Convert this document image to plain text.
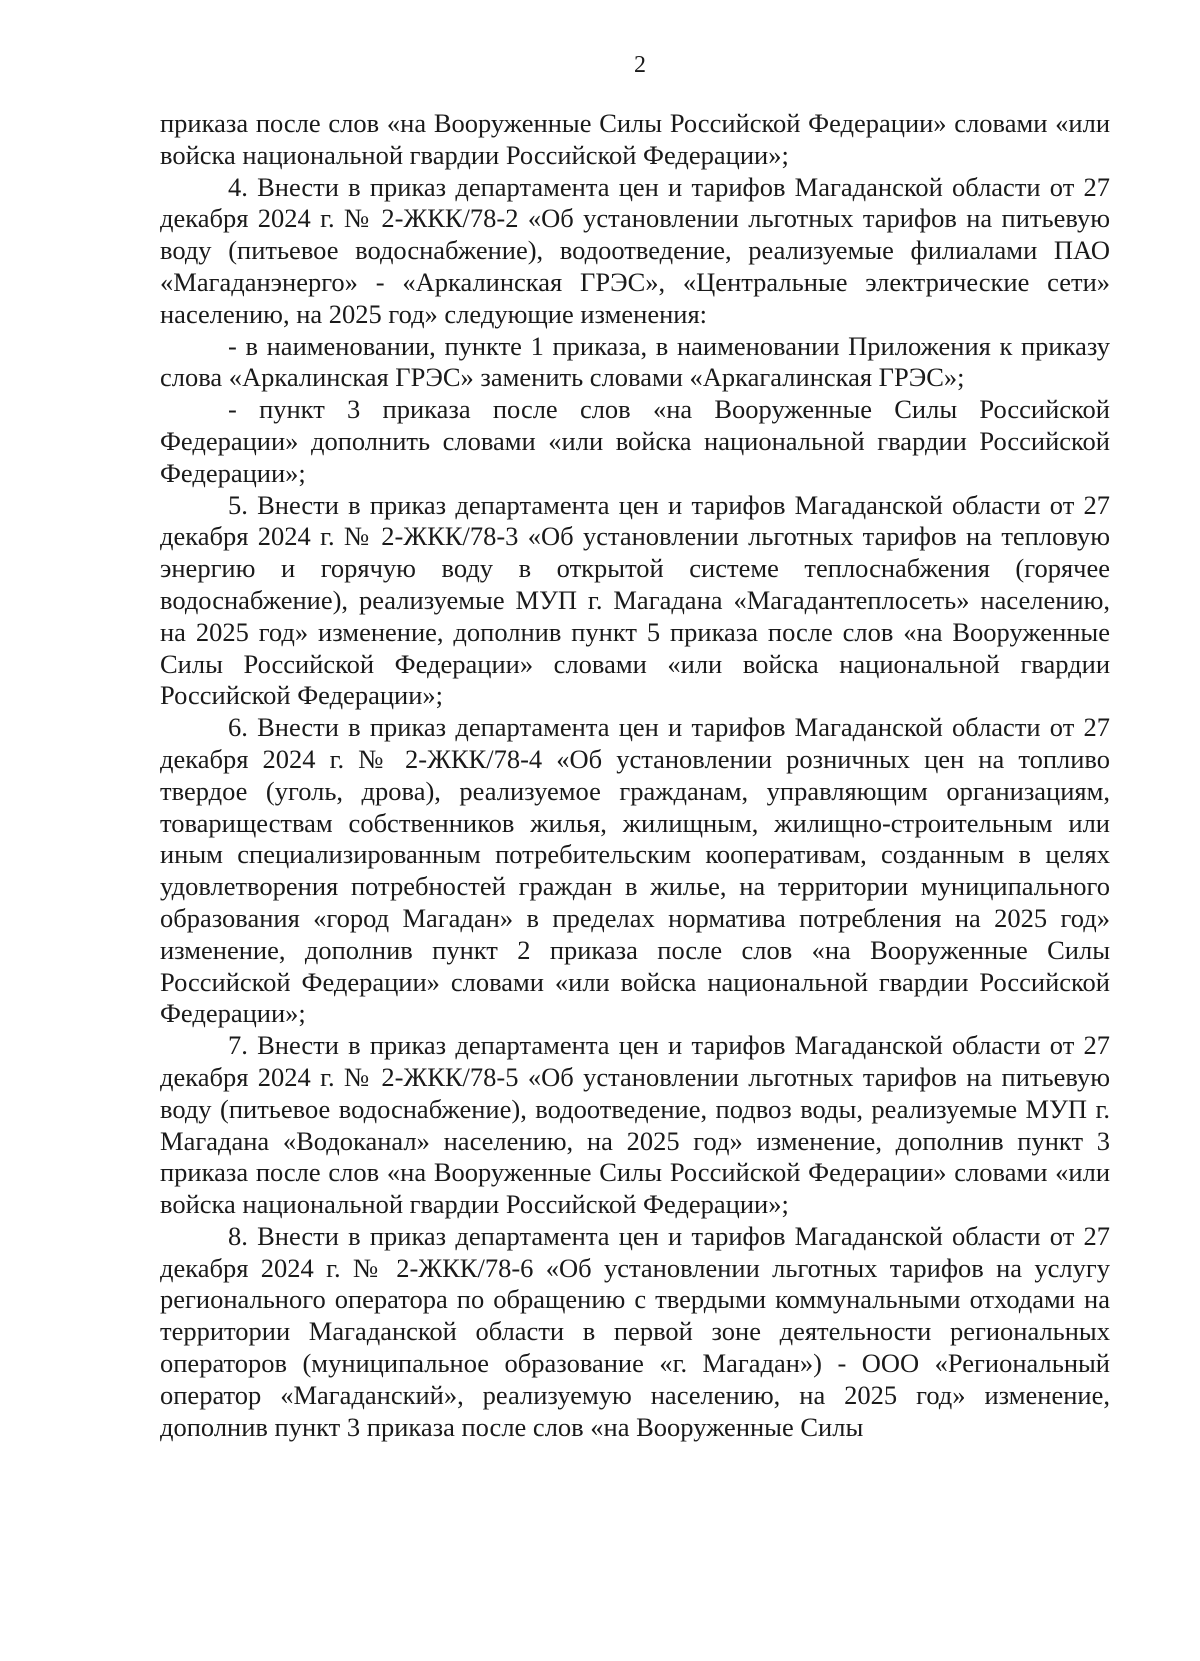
2

приказа после слов «на Вооруженные Силы Российской Федерации» словами «или войска национальной гвардии Российской Федерации»;

4. Внести в приказ департамента цен и тарифов Магаданской области от 27 декабря 2024 г. № 2-ЖКК/78-2 «Об установлении льготных тарифов на питьевую воду (питьевое водоснабжение), водоотведение, реализуемые филиалами ПАО «Магаданэнерго» - «Аркалинская ГРЭС», «Центральные электрические сети» населению, на 2025 год» следующие изменения:

- в наименовании, пункте 1 приказа, в наименовании Приложения к приказу слова «Аркалинская ГРЭС» заменить словами «Аркагалинская ГРЭС»;

- пункт 3 приказа после слов «на Вооруженные Силы Российской Федерации» дополнить словами «или войска национальной гвардии Российской Федерации»;

5. Внести в приказ департамента цен и тарифов Магаданской области от 27 декабря 2024 г. № 2-ЖКК/78-3 «Об установлении льготных тарифов на тепловую энергию и горячую воду в открытой системе теплоснабжения (горячее водоснабжение), реализуемые МУП г. Магадана «Магадантеплосеть» населению, на 2025 год» изменение, дополнив пункт 5 приказа после слов «на Вооруженные Силы Российской Федерации» словами «или войска национальной гвардии Российской Федерации»;

6. Внести в приказ департамента цен и тарифов Магаданской области от 27 декабря 2024 г. № 2-ЖКК/78-4 «Об установлении розничных цен на топливо твердое (уголь, дрова), реализуемое гражданам, управляющим организациям, товариществам собственников жилья, жилищным, жилищно-строительным или иным специализированным потребительским кооперативам, созданным в целях удовлетворения потребностей граждан в жилье, на территории муниципального образования «город Магадан» в пределах норматива потребления на 2025 год» изменение, дополнив пункт 2 приказа после слов «на Вооруженные Силы Российской Федерации» словами «или войска национальной гвардии Российской Федерации»;

7. Внести в приказ департамента цен и тарифов Магаданской области от 27 декабря 2024 г. № 2-ЖКК/78-5 «Об установлении льготных тарифов на питьевую воду (питьевое водоснабжение), водоотведение, подвоз воды, реализуемые МУП г. Магадана «Водоканал» населению, на 2025 год» изменение, дополнив пункт 3 приказа после слов «на Вооруженные Силы Российской Федерации» словами «или войска национальной гвардии Российской Федерации»;

8. Внести в приказ департамента цен и тарифов Магаданской области от 27 декабря 2024 г. № 2-ЖКК/78-6 «Об установлении льготных тарифов на услугу регионального оператора по обращению с твердыми коммунальными отходами на территории Магаданской области в первой зоне деятельности региональных операторов (муниципальное образование «г. Магадан») - ООО «Региональный оператор «Магаданский», реализуемую населению, на 2025 год» изменение, дополнив пункт 3 приказа после слов «на Вооруженные Силы
